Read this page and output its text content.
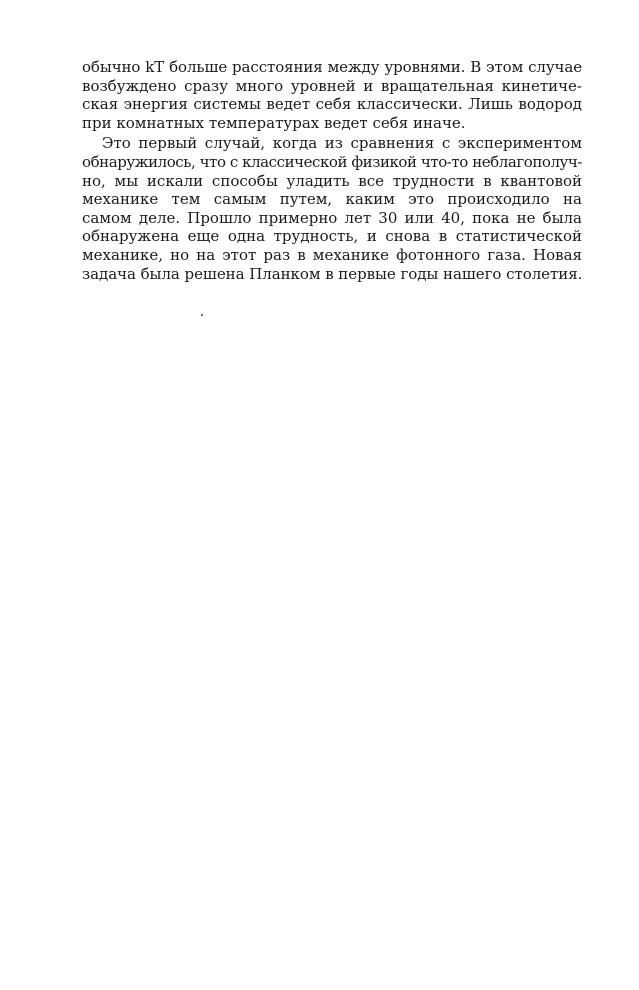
обычно kT больше расстояния между уровнями. В этом случае
возбуждено сразу много уровней и вращательная кинетиче-
ская энергия системы ведет себя классически. Лишь водород
при комнатных температурах ведет себя иначе.
Это первый случай, когда из сравнения с экспериментом
обнаружилось, что с классической физикой что-то неблагополуч-
но, мы искали способы уладить все трудности в квантовой
механике тем самым путем, каким это происходило на
самом деле. Прошло примерно лет 30 или 40, пока не была
обнаружена еще одна трудность, и снова в статистической
механике, но на этот раз в механике фотонного газа. Новая
задача была решена Планком в первые годы нашего столетия.
